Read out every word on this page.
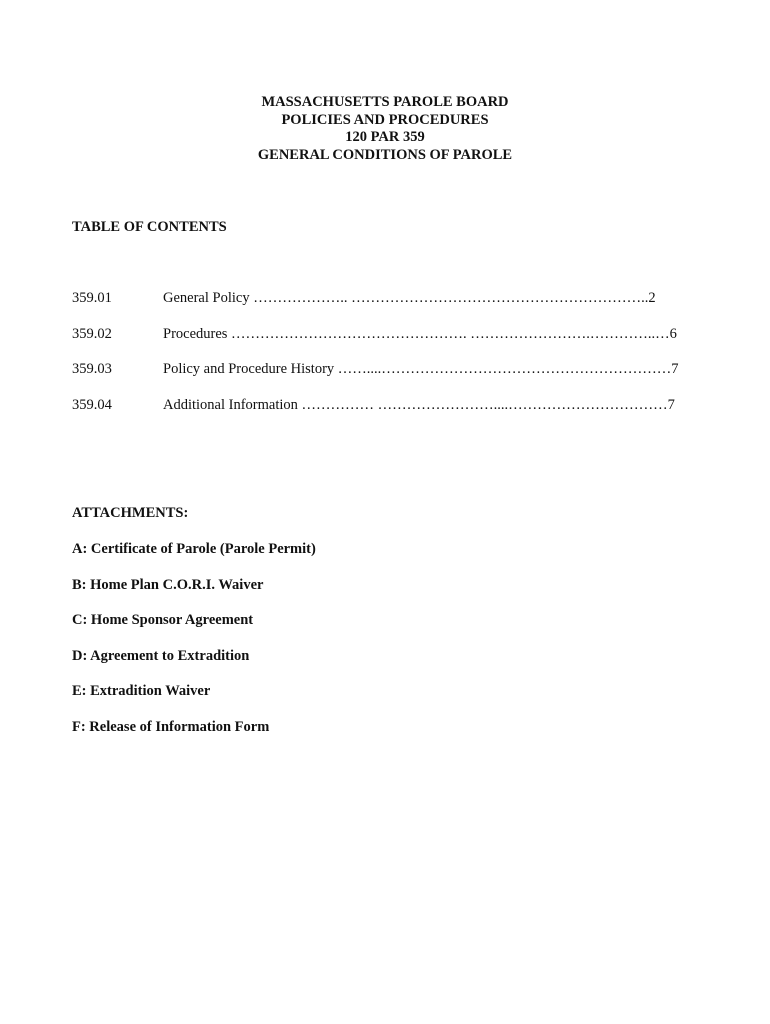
MASSACHUSETTS PAROLE BOARD
POLICIES AND PROCEDURES
120 PAR 359
GENERAL CONDITIONS OF PAROLE
TABLE OF CONTENTS
359.01	General Policy ……………….. ……………………………………………………..2
359.02	Procedures …………………………………………. …………………….…………..…6
359.03	Policy and Procedure History ……....……………………………………………………7
359.04	Additional Information …………… ……………………....……………………………7
ATTACHMENTS:
A: Certificate of Parole (Parole Permit)
B: Home Plan C.O.R.I. Waiver
C: Home Sponsor Agreement
D: Agreement to Extradition
E: Extradition Waiver
F: Release of Information Form
